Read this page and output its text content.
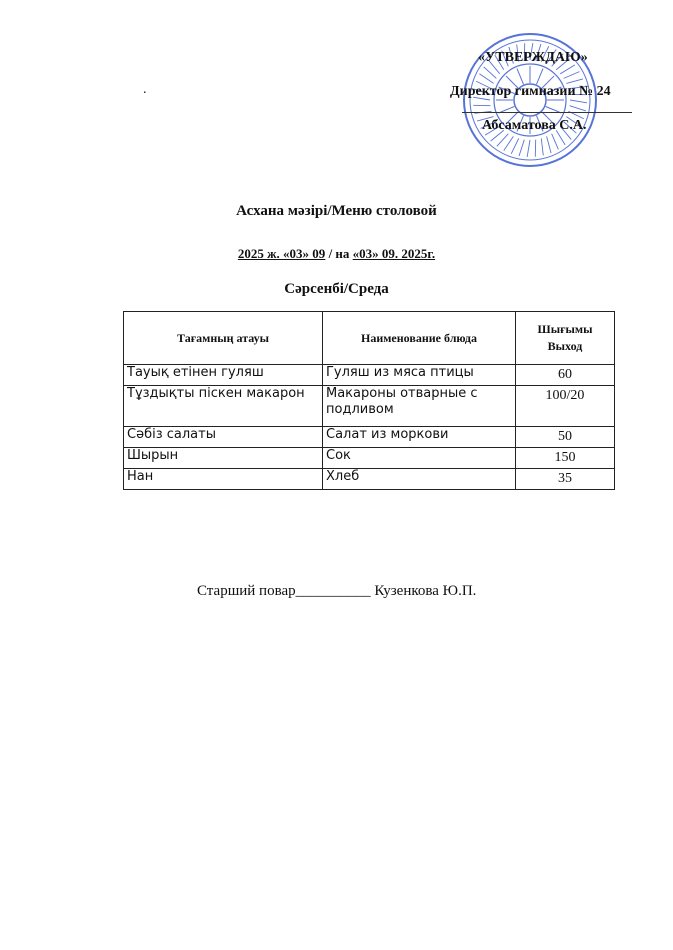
«УТВЕРЖДАЮ»
Директор гимназии № 24
Абсаматова С.А.
.
Асхана мәзірі/Меню столовой
2025 ж. «03» 09 / на «03» 09. 2025г.
Сәрсенбі/Среда
Тағамның атауы	Наименование блюда	Шығымы
Выход
Тауық етінен гуляш	Гуляш из мяса птицы	60
Тұздықты піскен макарон	Макароны отварные с подливом	100/20
Сәбіз салаты	Салат из моркови	50
Шырын	Сок	150
Нан	Хлеб	35
Старший повар__________ Кузенкова Ю.П.
